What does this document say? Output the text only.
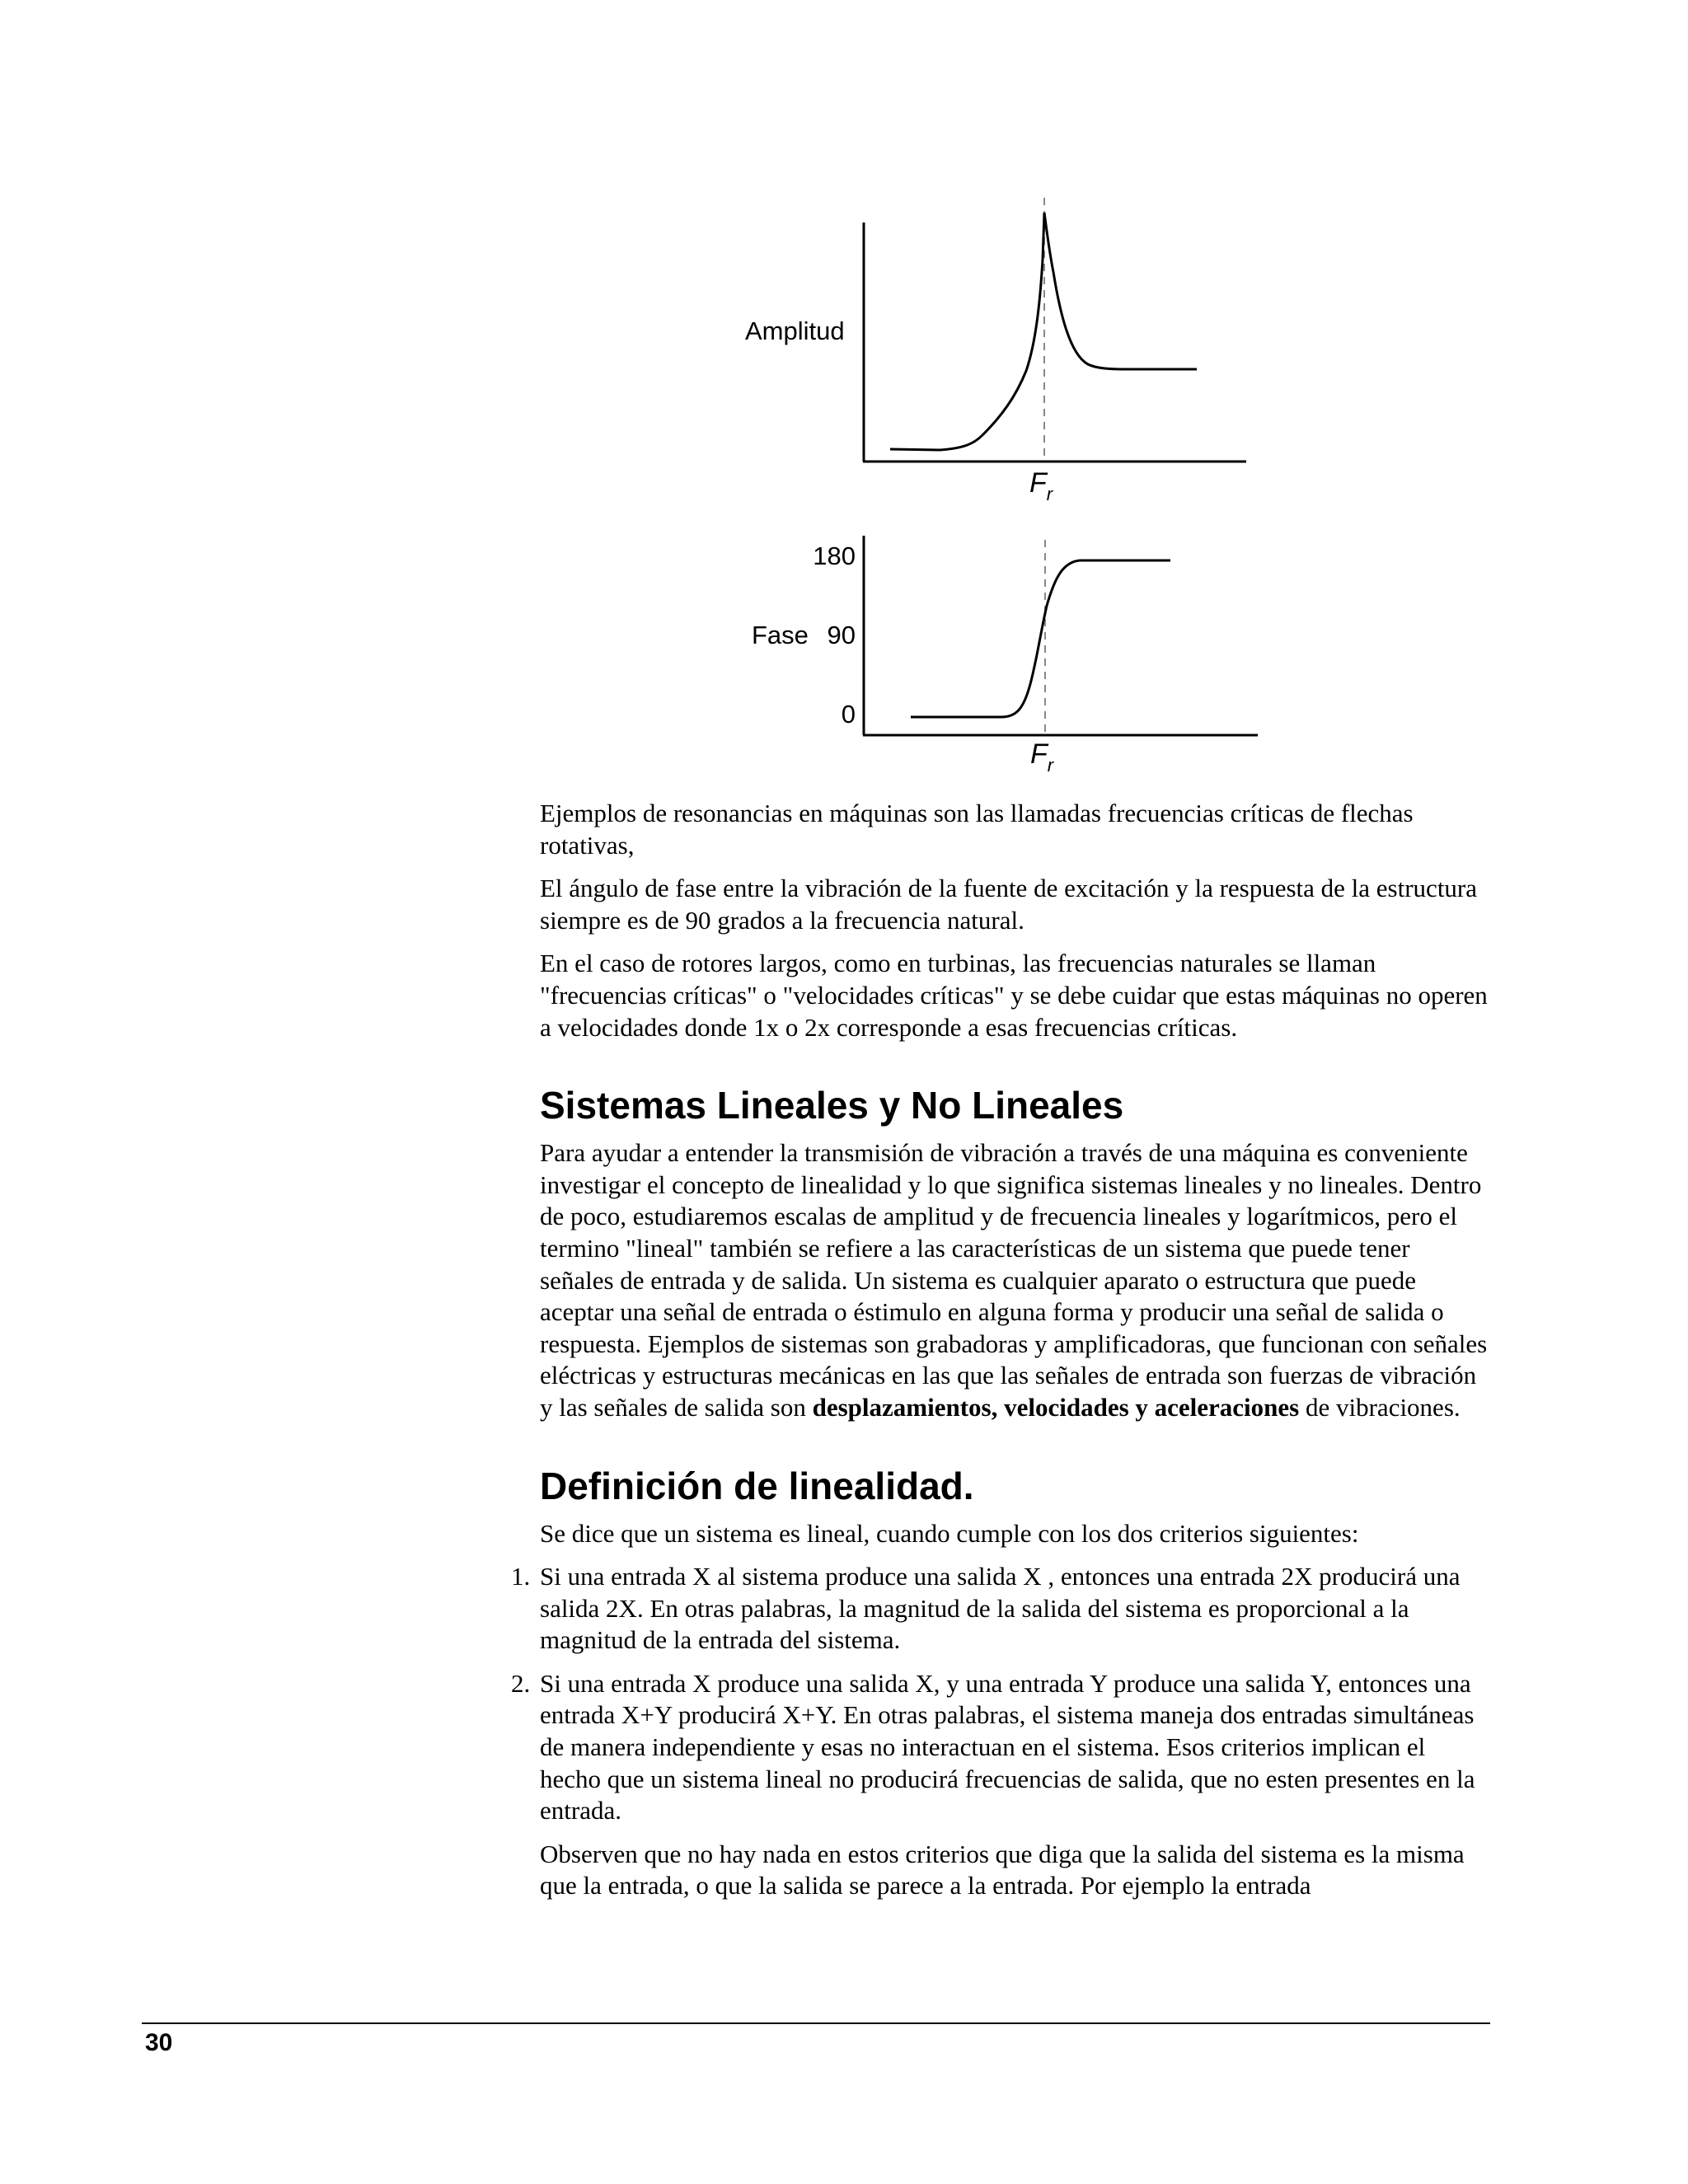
Amplitud
$F_r$
180
Fase 90
0
$F_r$

Ejemplos de resonancias en máquinas son las llamadas frecuencias críticas de flechas rotativas,

El ángulo de fase entre la vibración de la fuente de excitación y la respuesta de la estructura siempre es de 90 grados a la frecuencia natural.

En el caso de rotores largos, como en turbinas, las frecuencias naturales se llaman "frecuencias críticas" o "velocidades críticas" y se debe cuidar que estas máquinas no operen a velocidades donde 1x o 2x corresponde a esas frecuencias críticas.

Sistemas Lineales y No Lineales

Para ayudar a entender la transmisión de vibración a través de una máquina es conveniente investigar el concepto de linealidad y lo que significa sistemas lineales y no lineales. Dentro de poco, estudiaremos escalas de amplitud y de frecuencia lineales y logarítmicos, pero el termino "lineal" también se refiere a las características de un sistema que puede tener señales de entrada y de salida. Un sistema es cualquier aparato o estructura que puede aceptar una señal de entrada o éstimulo en alguna forma y producir una señal de salida o respuesta. Ejemplos de sistemas son grabadoras y amplificadoras, que funcionan con señales eléctricas y estructuras mecánicas en las que las señales de entrada son fuerzas de vibración y las señales de salida son desplazamientos, velocidades y aceleraciones de vibraciones.

Definición de linealidad.

Se dice que un sistema es lineal, cuando cumple con los dos criterios siguientes:

1. Si una entrada X al sistema produce una salida X , entonces una entrada 2X producirá una salida 2X. En otras palabras, la magnitud de la salida del sistema es proporcional a la magnitud de la entrada del sistema.
2. Si una entrada X produce una salida X, y una entrada Y produce una salida Y, entonces una entrada X+Y producirá X+Y. En otras palabras, el sistema maneja dos entradas simultáneas de manera independiente y esas no interactuan en el sistema. Esos criterios implican el hecho que un sistema lineal no producirá frecuencias de salida, que no esten presentes en la entrada.

Observen que no hay nada en estos criterios que diga que la salida del sistema es la misma que la entrada, o que la salida se parece a la entrada. Por ejemplo la entrada

30
